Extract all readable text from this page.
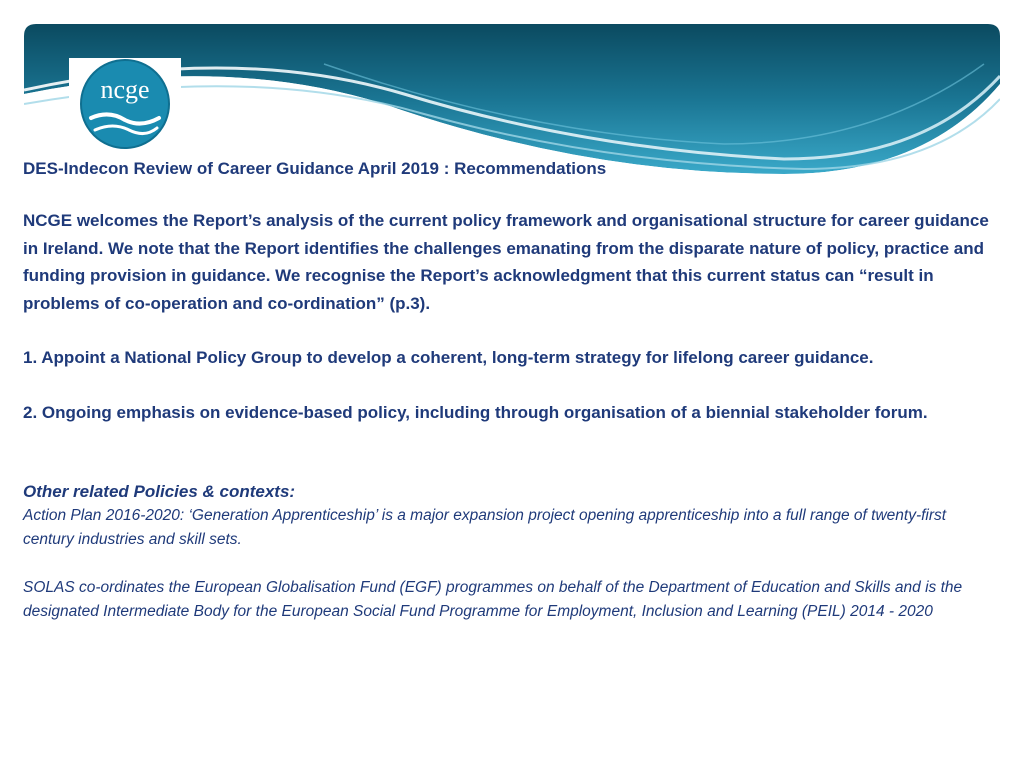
ncge

DES-Indecon Review of Career Guidance April 2019 : Recommendations

NCGE welcomes the Report’s analysis of the current policy framework and organisational structure for career guidance in Ireland. We note that the Report identifies the challenges emanating from the disparate nature of policy, practice and funding provision in guidance. We recognise the Report’s acknowledgment that this current status can “result in problems of co-operation and co-ordination” (p.3).

1. Appoint a National Policy Group to develop a coherent, long-term strategy for lifelong career guidance.

2. Ongoing emphasis on evidence-based policy, including through organisation of a biennial stakeholder forum.

Other related Policies & contexts:

Action Plan 2016-2020: ‘Generation Apprenticeship’ is a major expansion project opening apprenticeship into a full range of twenty-first century industries and skill sets.

SOLAS co-ordinates the European Globalisation Fund (EGF) programmes on behalf of the Department of Education and Skills and is the designated Intermediate Body for the European Social Fund Programme for Employment, Inclusion and Learning (PEIL) 2014 - 2020
